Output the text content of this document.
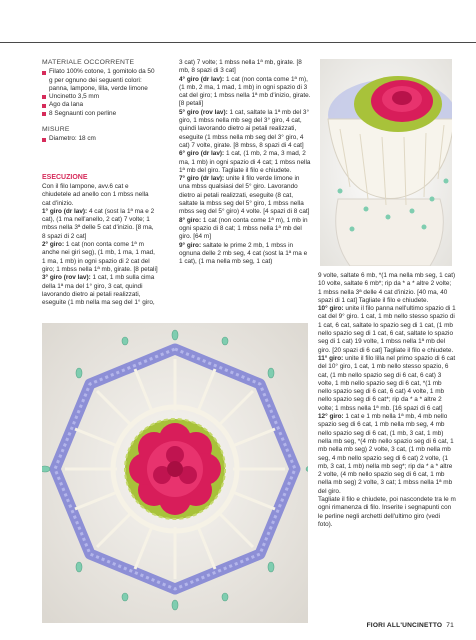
MATERIALE OCCORRENTE
Filato 100% cotone, 1 gomitolo da 50 g per ognuno dei seguenti colori: panna, lampone, lilla, verde limone
Uncinetto 3,5 mm
Ago da lana
8 Segnaunti con perline
MISURE
Diametro: 18 cm
ESECUZIONE

Con il filo lampone, avv.6 cat e chiudetele ad anello con 1 mbss nella cat d'inizio.

1° giro (dr lav): 4 cat (sost la 1ª ma e 2 cat), (1 ma nell'anello, 2 cat) 7 volte; 1 mbss nella 3ª delle 5 cat d'inizio. [8 ma, 8 spazi di 2 cat]

2° giro: 1 cat (non conta come 1ª m anche nei giri seg), (1 mb, 1 ma, 1 mad, 1 ma, 1 mb) in ogni spazio di 2 cat del giro; 1 mbss nella 1ª mb, girate. [8 petali]

3° giro (rov lav): 1 cat, 1 mb sulla cima della 1ª ma del 1° giro, 3 cat, quindi lavorando dietro ai petali realizzati, eseguite (1 mb nella ma seg del 1° giro,

3 cat) 7 volte; 1 mbss nella 1ª mb, girate. [8 mb, 8 spazi di 3 cat]

4° giro (dr lav): 1 cat (non conta come 1ª m), (1 mb, 2 ma, 1 mad, 1 mb) in ogni spazio di 3 cat del giro; 1 mbss nella 1ª mb d'inizio, girate. [8 petali]

5° giro (rov lav): 1 cat, saltate la 1ª mb del 3° giro, 1 mbss nella mb seg del 3° giro, 4 cat, quindi lavorando dietro ai petali realizzati, eseguite (1 mbss nella mb seg del 3° giro, 4 cat) 7 volte, girate. [8 mbss, 8 spazi di 4 cat]

6° giro (dr lav): 1 cat, (1 mb, 2 ma, 3 mad, 2 ma, 1 mb) in ogni spazio di 4 cat; 1 mbss nella 1ª mb del giro. Tagliate il filo e chiudete.

7° giro (dr lav): unite il filo verde limone in una mbss qualsiasi del 5° giro. Lavorando dietro ai petali realizzati, eseguite (8 cat, saltate la mbss seg del 5° giro, 1 mbss nella mbss seg del 5° giro) 4 volte. [4 spazi di 8 cat]

8° giro: 1 cat (non conta come 1ª m), 1 mb in ogni spazio di 8 cat; 1 mbss nella 1ª mb del giro. [64 m]

9° giro: saltate le prime 2 mb, 1 mbss in ognuna delle 2 mb seg, 4 cat (sost la 1ª ma e 1 cat), (1 ma nella mb seg, 1 cat)

9 volte, saltate 6 mb, *(1 ma nella mb seg, 1 cat) 10 volte, saltate 6 mb*; rip da * a * altre 2 volte; 1 mbss nella 3ª delle 4 cat d'inizio. [40 ma, 40 spazi di 1 cat] Tagliate il filo e chiudete.

10° giro: unite il filo panna nell'ultimo spazio di 1 cat del 9° giro. 1 cat, 1 mb nello stesso spazio di 1 cat, 6 cat, saltate lo spazio seg di 1 cat, (1 mb nello spazio seg di 1 cat, 6 cat, saltate lo spazio seg di 1 cat) 19 volte, 1 mbss nella 1ª mb del giro. [20 spazi di 6 cat] Tagliate il filo e chiudete.

11° giro: unite il filo lilla nel primo spazio di 6 cat del 10° giro, 1 cat, 1 mb nello stesso spazio, 6 cat, (1 mb nello spazio seg di 6 cat, 6 cat) 3 volte, 1 mb nello spazio seg di 6 cat, *(1 mb nello spazio seg di 6 cat, 6 cat) 4 volte, 1 mb nello spazio seg di 6 cat*; rip da * a * altre 2 volte; 1 mbss nella 1ª mb. [16 spazi di 6 cat]

12° giro: 1 cat e 1 mb nella 1ª mb, 4 mb nello spazio seg di 6 cat, 1 mb nella mb seg, 4 mb nello spazio seg di 6 cat, (1 mb, 3 cat, 1 mb) nella mb seg, *(4 mb nello spazio seg di 6 cat, 1 mb nella mb seg) 2 volte, 3 cat, (1 mb nella mb seg, 4 mb nello spazio seg di 6 cat) 2 volte, (1 mb, 3 cat, 1 mb) nella mb seg*; rip da * a * altre 2 volte, (4 mb nello spazio seg di 6 cat, 1 mb nella mb seg) 2 volte, 3 cat; 1 mbss nella 1ª mb del giro.

Tagliate il filo e chiudete, poi nascondete tra le m ogni rimanenza di filo. Inserite i segnapunti con le perline negli archetti dell'ultimo giro (vedi foto).

FIORI ALL'UNCINETTO 71
